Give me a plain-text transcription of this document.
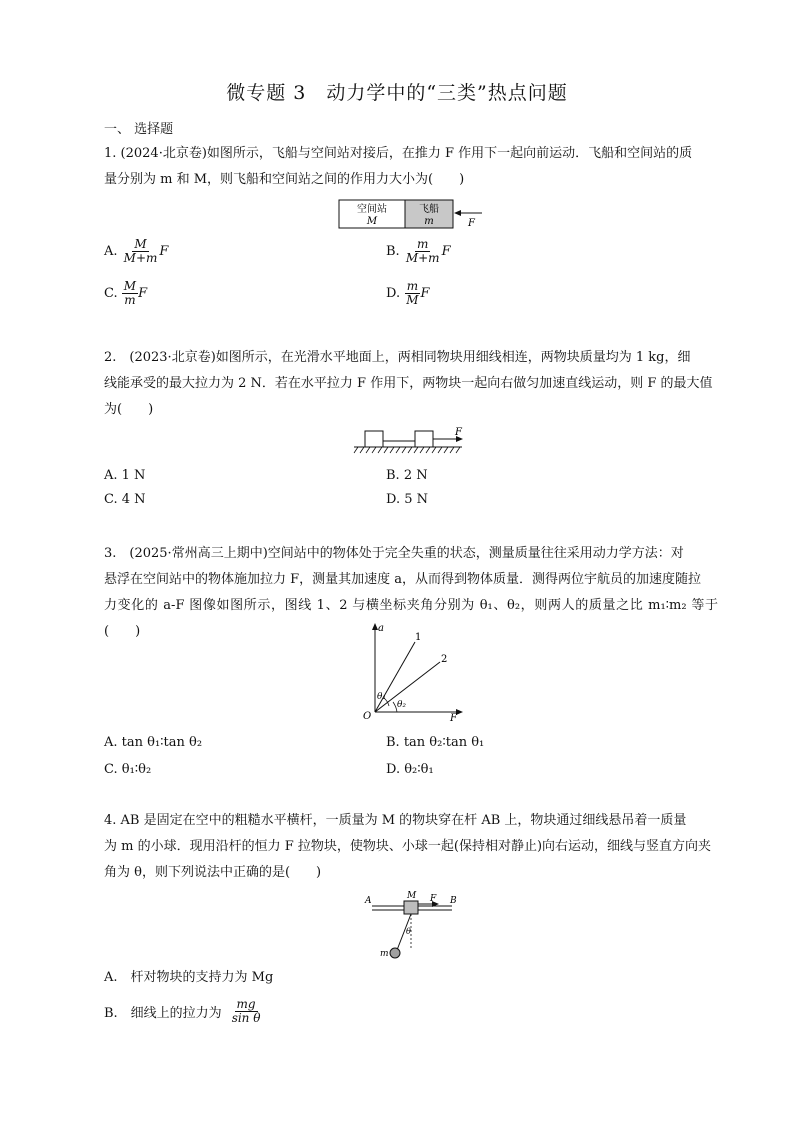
微专题 3　动力学中的“三类”热点问题
一、 选择题
1. (2024·北京卷)如图所示，飞船与空间站对接后，在推力 F 作用下一起向前运动．飞船和空间站的质
量分别为 m 和 M，则飞船和空间站之间的作用力大小为(　　)
空间站
M
飞船
m	F
A. $\frac{M}{M+m}$ F	B. $\frac{m}{M+m}$ F
C. $\frac{M}{m}$ F	D. $\frac{m}{M}$ F
2.　(2023·北京卷)如图所示，在光滑水平地面上，两相同物块用细线相连，两物块质量均为 1 kg，细
线能承受的最大拉力为 2 N．若在水平拉力 F 作用下，两物块一起向右做匀加速直线运动，则 F 的最大值
为(　　)
F
A. 1 N	B. 2 N
C. 4 N	D. 5 N
3.　(2025·常州高三上期中)空间站中的物体处于完全失重的状态，测量质量往往采用动力学方法：对
悬浮在空间站中的物体施加拉力 F，测量其加速度 a，从而得到物体质量．测得两位宇航员的加速度随拉
力变化的 a-F 图像如图所示，图线 1、2 与横坐标夹角分别为 θ₁、θ₂，则两人的质量之比 m₁∶m₂ 等于(　　)	a
F
O
1
2
θ₁
θ₂
A. tan θ₁∶tan θ₂	B. tan θ₂∶tan θ₁
C. θ₁∶θ₂	D. θ₂∶θ₁
4. AB 是固定在空中的粗糙水平横杆，一质量为 M 的物块穿在杆 AB 上，物块通过细线悬吊着一质量
为 m 的小球．现用沿杆的恒力 F 拉物块，使物块、小球一起(保持相对静止)向右运动，细线与竖直方向夹
角为 θ，则下列说法中正确的是(　　)
A	B
M F
θ
m
A.　杆对物块的支持力为 Mg
B.　细线上的拉力为 $\frac{mg}{\text{sin θ}}$
